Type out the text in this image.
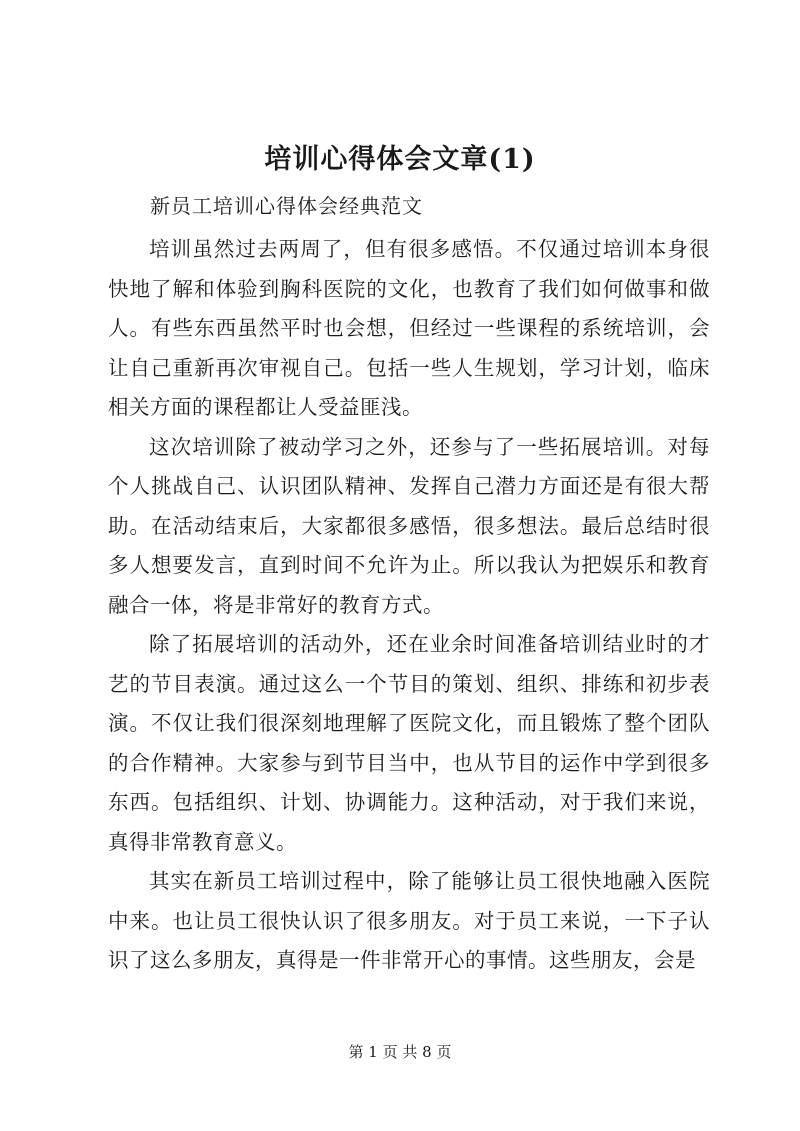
培训心得体会文章(1)
新员工培训心得体会经典范文

培训虽然过去两周了，但有很多感悟。不仅通过培训本身很快地了解和体验到胸科医院的文化，也教育了我们如何做事和做人。有些东西虽然平时也会想，但经过一些课程的系统培训，会让自己重新再次审视自己。包括一些人生规划，学习计划，临床相关方面的课程都让人受益匪浅。

这次培训除了被动学习之外，还参与了一些拓展培训。对每个人挑战自己、认识团队精神、发挥自己潜力方面还是有很大帮助。在活动结束后，大家都很多感悟，很多想法。最后总结时很多人想要发言，直到时间不允许为止。所以我认为把娱乐和教育融合一体，将是非常好的教育方式。

除了拓展培训的活动外，还在业余时间准备培训结业时的才艺的节目表演。通过这么一个节目的策划、组织、排练和初步表演。不仅让我们很深刻地理解了医院文化，而且锻炼了整个团队的合作精神。大家参与到节目当中，也从节目的运作中学到很多东西。包括组织、计划、协调能力。这种活动，对于我们来说，真得非常教育意义。

其实在新员工培训过程中，除了能够让员工很快地融入医院中来。也让员工很快认识了很多朋友。对于员工来说，一下子认识了这么多朋友，真得是一件非常开心的事情。这些朋友，会是

第 1 页 共 8 页
